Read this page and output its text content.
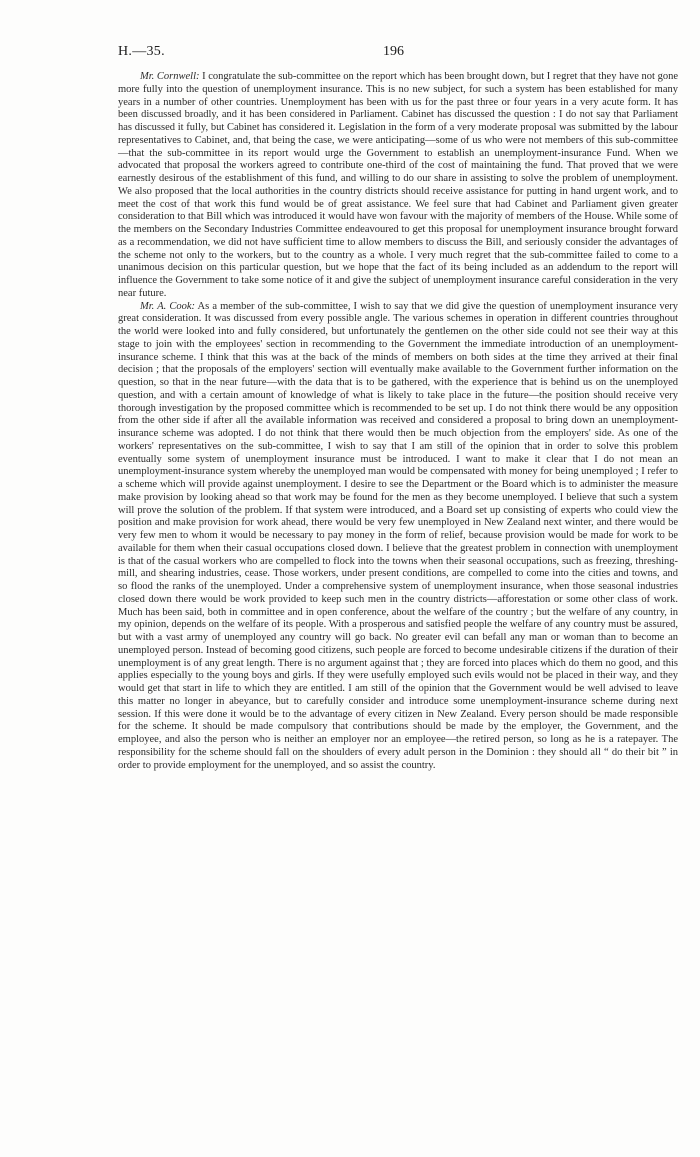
H.—35.	196

Mr. Cornwell: I congratulate the sub-committee on the report which has been brought down, but I regret that they have not gone more fully into the question of unemployment insurance. This is no new subject, for such a system has been established for many years in a number of other countries. Unemployment has been with us for the past three or four years in a very acute form. It has been discussed broadly, and it has been considered in Parliament. Cabinet has discussed the question : I do not say that Parliament has discussed it fully, but Cabinet has considered it. Legislation in the form of a very moderate proposal was submitted by the labour representatives to Cabinet, and, that being the case, we were anticipating—some of us who were not members of this sub-committee —that the sub-committee in its report would urge the Government to establish an unemployment-insurance Fund. When we advocated that proposal the workers agreed to contribute one-third of the cost of maintaining the fund. That proved that we were earnestly desirous of the establishment of this fund, and willing to do our share in assisting to solve the problem of unemployment. We also proposed that the local authorities in the country districts should receive assistance for putting in hand urgent work, and to meet the cost of that work this fund would be of great assistance. We feel sure that had Cabinet and Parliament given greater consideration to that Bill which was introduced it would have won favour with the majority of members of the House. While some of the members on the Secondary Industries Committee endeavoured to get this proposal for unemployment insurance brought forward as a recommendation, we did not have sufficient time to allow members to discuss the Bill, and seriously consider the advantages of the scheme not only to the workers, but to the country as a whole. I very much regret that the sub-committee failed to come to a unanimous decision on this particular question, but we hope that the fact of its being included as an addendum to the report will influence the Government to take some notice of it and give the subject of unemployment insurance careful consideration in the very near future.

Mr. A. Cook: As a member of the sub-committee, I wish to say that we did give the question of unemployment insurance very great consideration. It was discussed from every possible angle. The various schemes in operation in different countries throughout the world were looked into and fully considered, but unfortunately the gentlemen on the other side could not see their way at this stage to join with the employees' section in recommending to the Government the immediate introduction of an unemployment-insurance scheme. I think that this was at the back of the minds of members on both sides at the time they arrived at their final decision ; that the proposals of the employers' section will eventually make available to the Government further information on the question, so that in the near future—with the data that is to be gathered, with the experience that is behind us on the unemployed question, and with a certain amount of knowledge of what is likely to take place in the future—the position should receive very thorough investigation by the proposed committee which is recommended to be set up. I do not think there would be any opposition from the other side if after all the available information was received and considered a proposal to bring down an unemployment-insurance scheme was adopted. I do not think that there would then be much objection from the employers' side. As one of the workers' representatives on the sub-committee, I wish to say that I am still of the opinion that in order to solve this problem eventually some system of unemployment insurance must be introduced. I want to make it clear that I do not mean an unemployment-insurance system whereby the unemployed man would be compensated with money for being unemployed ; I refer to a scheme which will provide against unemployment. I desire to see the Department or the Board which is to administer the measure make provision by looking ahead so that work may be found for the men as they become unemployed. I believe that such a system will prove the solution of the problem. If that system were introduced, and a Board set up consisting of experts who could view the position and make provision for work ahead, there would be very few unemployed in New Zealand next winter, and there would be very few men to whom it would be necessary to pay money in the form of relief, because provision would be made for work to be available for them when their casual occupations closed down. I believe that the greatest problem in connection with unemployment is that of the casual workers who are compelled to flock into the towns when their seasonal occupations, such as freezing, threshing-mill, and shearing industries, cease. Those workers, under present conditions, are compelled to come into the cities and towns, and so flood the ranks of the unemployed. Under a comprehensive system of unemployment insurance, when those seasonal industries closed down there would be work provided to keep such men in the country districts—afforestation or some other class of work. Much has been said, both in committee and in open conference, about the welfare of the country ; but the welfare of any country, in my opinion, depends on the welfare of its people. With a prosperous and satisfied people the welfare of any country must be assured, but with a vast army of unemployed any country will go back. No greater evil can befall any man or woman than to become an unemployed person. Instead of becoming good citizens, such people are forced to become undesirable citizens if the duration of their unemployment is of any great length. There is no argument against that ; they are forced into places which do them no good, and this applies especially to the young boys and girls. If they were usefully employed such evils would not be placed in their way, and they would get that start in life to which they are entitled. I am still of the opinion that the Government would be well advised to leave this matter no longer in abeyance, but to carefully consider and introduce some unemployment-insurance scheme during next session. If this were done it would be to the advantage of every citizen in New Zealand. Every person should be made responsible for the scheme. It should be made compulsory that contributions should be made by the employer, the Government, and the employee, and also the person who is neither an employer nor an employee—the retired person, so long as he is a ratepayer. The responsibility for the scheme should fall on the shoulders of every adult person in the Dominion : they should all “ do their bit ” in order to provide employment for the unemployed, and so assist the country.
